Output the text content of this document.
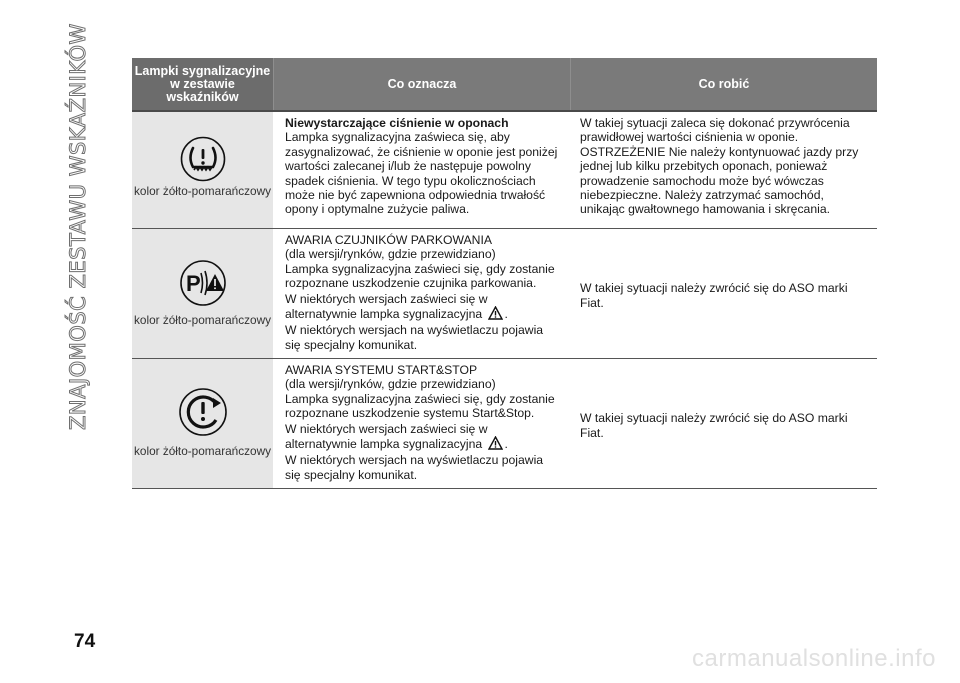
ZNAJOMOŚĆ ZESTAWU WSKAŹNIKÓW	Lampki sygnalizacyjne
w zestawie
wskaźników
Co oznacza	Co robić
kolor żółto-pomarańczowy
Niewystarczające ciśnienie w oponach
Lampka sygnalizacyjna zaświeca się, aby zasygnalizować, że ciśnienie w oponie jest poniżej wartości zalecanej i/lub że następuje powolny spadek ciśnienia. W tego typu okolicznościach może nie być zapewniona odpowiednia trwałość opony i optymalne zużycie paliwa.
W takiej sytuacji zaleca się dokonać przywrócenia prawidłowej wartości ciśnienia w oponie. OSTRZEŻENIE Nie należy kontynuować jazdy przy jednej lub kilku przebitych oponach, ponieważ prowadzenie samochodu może być wówczas niebezpieczne. Należy zatrzymać samochód, unikając gwałtownego hamowania i skręcania.
P
kolor żółto-pomarańczowy
AWARIA CZUJNIKÓW PARKOWANIA
(dla wersji/rynków, gdzie przewidziano)
Lampka sygnalizacyjna zaświeci się, gdy zostanie rozpoznane uszkodzenie czujnika parkowania.
W niektórych wersjach zaświeci się w alternatywnie lampka sygnalizacyjna .
W niektórych wersjach na wyświetlaczu pojawia się specjalny komunikat.
W takiej sytuacji należy zwrócić się do ASO marki Fiat.
kolor żółto-pomarańczowy
AWARIA SYSTEMU START&STOP
(dla wersji/rynków, gdzie przewidziano)
Lampka sygnalizacyjna zaświeci się, gdy zostanie rozpoznane uszkodzenie systemu Start&Stop.
W niektórych wersjach zaświeci się w alternatywnie lampka sygnalizacyjna .
W niektórych wersjach na wyświetlaczu pojawia się specjalny komunikat.
W takiej sytuacji należy zwrócić się do ASO marki Fiat.
74
carmanualsonline.info
